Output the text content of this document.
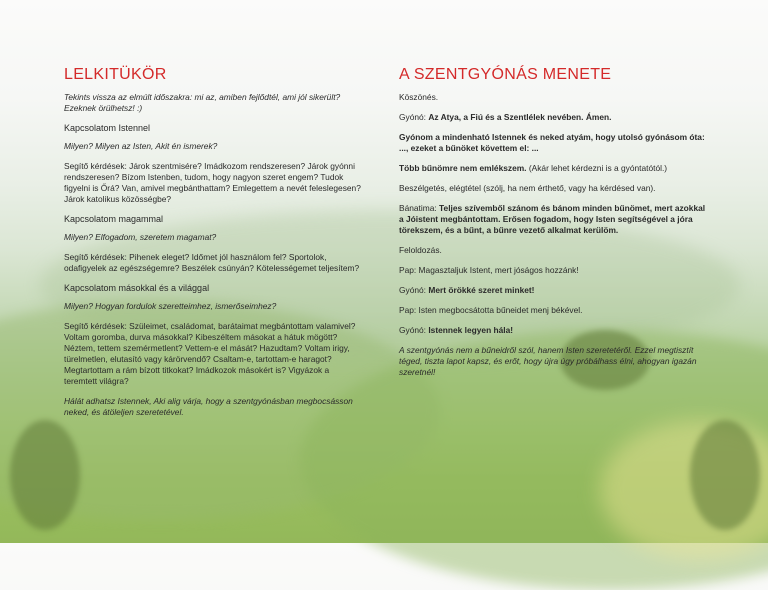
LELKITÜKÖR

Tekints vissza az elmúlt időszakra: mi az, amiben fejlődtél, ami jól sikerült? Ezeknek örülhetsz! :)

Kapcsolatom Istennel

Milyen? Milyen az Isten, Akit én ismerek?

Segítő kérdések: Járok szentmisére? Imádkozom rendszeresen? Járok gyónni rendszeresen? Bízom Istenben, tudom, hogy nagyon szeret engem? Tudok figyelni is Őrá? Van, amivel megbánthattam? Emlegettem a nevét feleslegesen? Járok katolikus közösségbe?

Kapcsolatom magammal

Milyen? Elfogadom, szeretem magamat?

Segítő kérdések: Pihenek eleget? Időmet jól használom fel? Sportolok, odafigyelek az egészségemre? Beszélek csúnyán? Kötelességemet teljesítem?

Kapcsolatom másokkal és a világgal

Milyen? Hogyan fordulok szeretteimhez, ismerőseimhez?

Segítő kérdések: Szüleimet, családomat, barátaimat megbántottam valamivel? Voltam goromba, durva másokkal? Kibeszéltem másokat a hátuk mögött? Néztem, tettem szemérmetlent? Vettem-e el mását? Hazudtam? Voltam irigy, türelmetlen, elutasító vagy kárörvendő? Csaltam-e, tartottam-e haragot? Megtartottam a rám bízott titkokat? Imádkozok másokért is? Vigyázok a teremtett világra?

Hálát adhatsz Istennek, Aki alig várja, hogy a szentgyónásban megbocsásson neked, és átöleljen szeretetével.

A SZENTGYÓNÁS MENETE

Köszönés.

Gyónó: Az Atya, a Fiú és a Szentlélek nevében. Ámen.

Gyónom a mindenható Istennek és neked atyám, hogy utolsó gyónásom óta: ..., ezeket a bűnöket követtem el: ...

Több bűnömre nem emlékszem. (Akár lehet kérdezni is a gyóntatótól.)

Beszélgetés, elégtétel (szólj, ha nem érthető, vagy ha kérdésed van).

Bánatima: Teljes szívemből szánom és bánom minden bűnömet, mert azokkal a Jóistent megbántottam. Erősen fogadom, hogy Isten segítségével a jóra törekszem, és a bűnt, a bűnre vezető alkalmat kerülöm.

Feloldozás.

Pap: Magasztaljuk Istent, mert jóságos hozzánk!

Gyónó: Mert örökké szeret minket!

Pap: Isten megbocsátotta bűneidet menj békével.

Gyónó: Istennek legyen hála!

A szentgyónás nem a bűneidről szól, hanem Isten szeretetéről. Ezzel megtisztít téged, tiszta lapot kapsz, és erőt, hogy újra úgy próbálhass élni, ahogyan igazán szeretnél!
